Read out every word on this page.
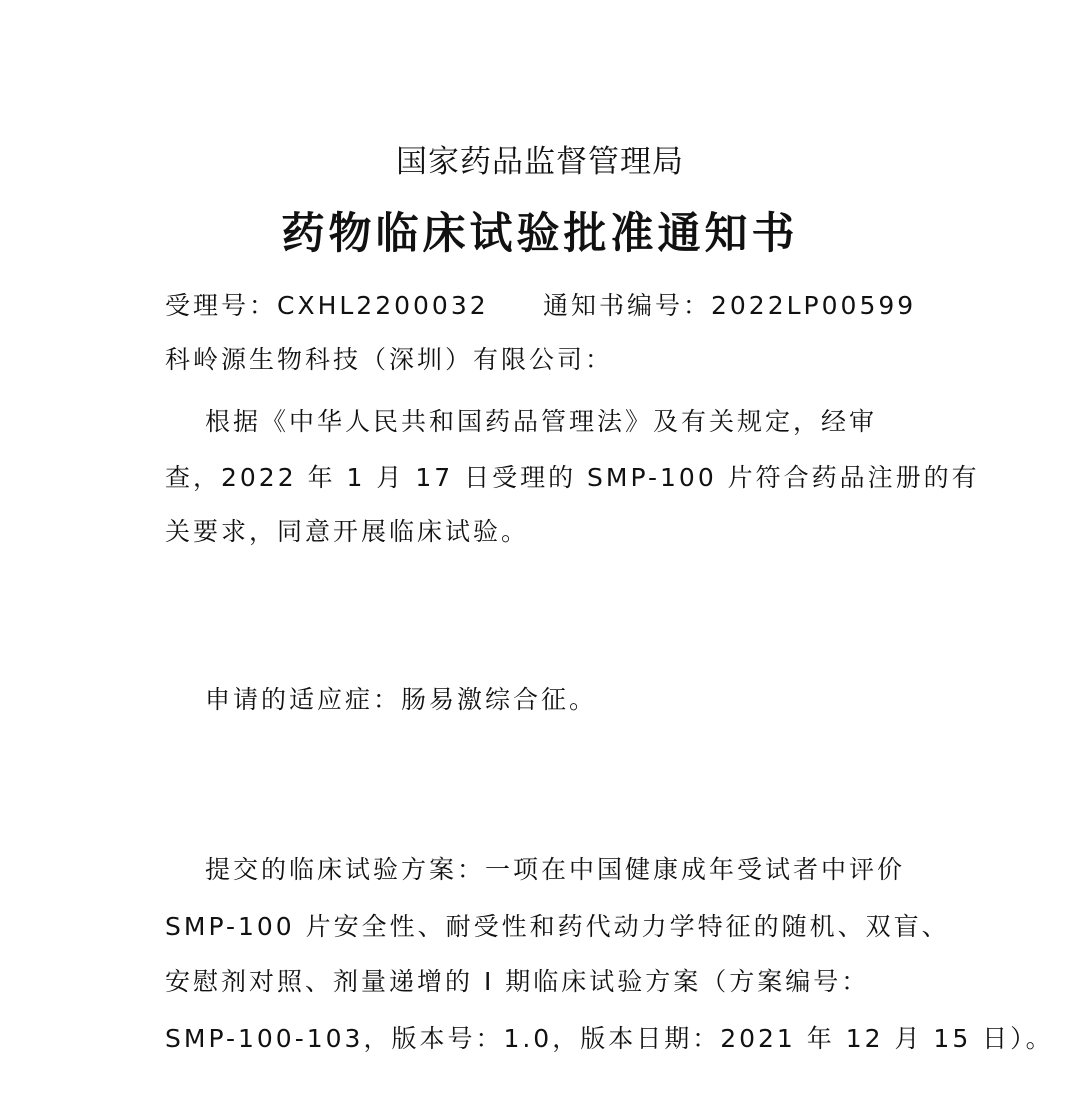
国家药品监督管理局
药物临床试验批准通知书
受理号：CXHL2200032 通知书编号：2022LP00599
科岭源生物科技（深圳）有限公司：
根据《中华人民共和国药品管理法》及有关规定，经审
查，2022 年 1 月 17 日受理的 SMP-100 片符合药品注册的有
关要求，同意开展临床试验。
申请的适应症：肠易激综合征。
提交的临床试验方案：一项在中国健康成年受试者中评价
SMP-100 片安全性、耐受性和药代动力学特征的随机、双盲、
安慰剂对照、剂量递增的 I 期临床试验方案（方案编号：
SMP-100-103，版本号：1.0，版本日期：2021 年 12 月 15 日）。
